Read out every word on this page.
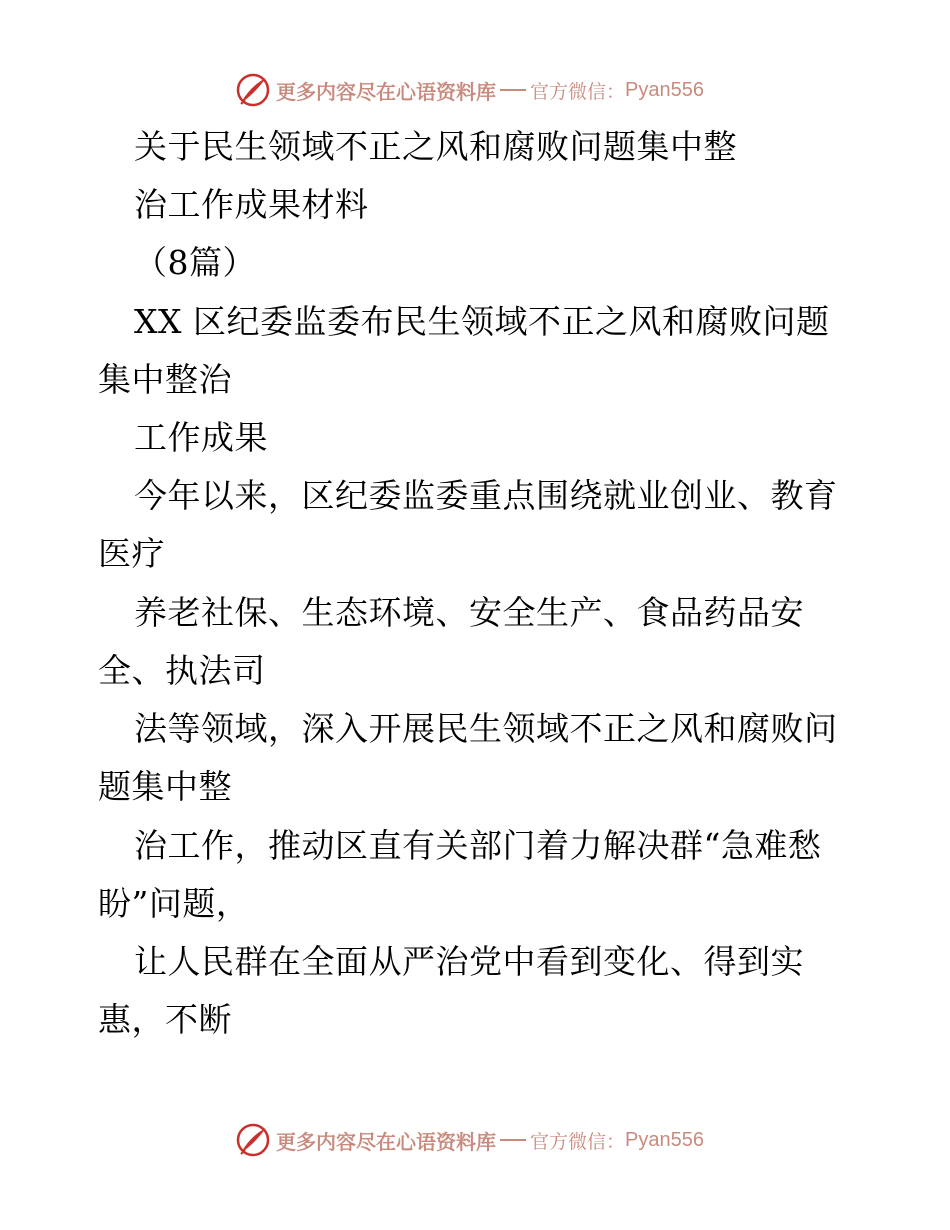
更多内容尽在心语资料库 官方微信： Pyan556
关于民生领域不正之风和腐败问题集中整
治工作成果材料
（8篇）
XX 区纪委监委布民生领域不正之风和腐败问题
集中整治
工作成果
今年以来，区纪委监委重点围绕就业创业、教育
医疗
养老社保、生态环境、安全生产、食品药品安
全、执法司
法等领域，深入开展民生领域不正之风和腐败问
题集中整
治工作，推动区直有关部门着力解决群“急难愁
盼”问题，
让人民群在全面从严治党中看到变化、得到实
惠，不断
更多内容尽在心语资料库 官方微信： Pyan556
